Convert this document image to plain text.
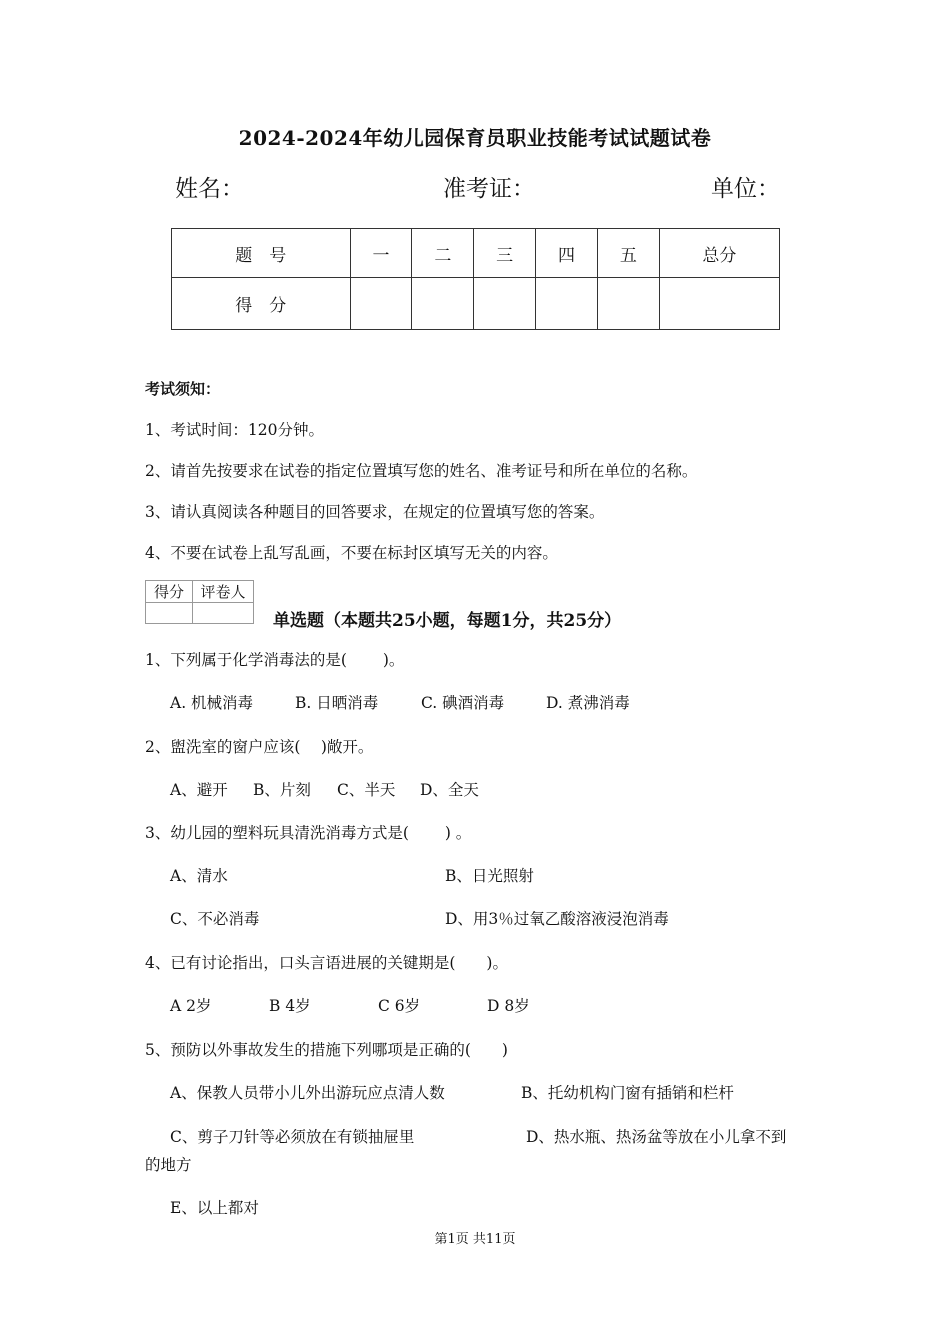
2024-2024年幼儿园保育员职业技能考试试题试卷
姓名：	准考证：	单位：
题　号	一	二	三	四	五	总分
得　分						
考试须知：
1、考试时间：120分钟。
2、请首先按要求在试卷的指定位置填写您的姓名、准考证号和所在单位的名称。
3、请认真阅读各种题目的回答要求，在规定的位置填写您的答案。
4、不要在试卷上乱写乱画，不要在标封区填写无关的内容。
得分	评卷人

单选题（本题共25小题，每题1分，共25分）
1、下列属于化学消毒法的是(　　 )。
A. 机械消毒	B. 日晒消毒	C. 碘酒消毒	D. 煮沸消毒
2、盥洗室的窗户应该(　 )敞开。
A、避开 B、片刻 C、半天 D、全天
3、幼儿园的塑料玩具清洗消毒方式是(　　 ) 。
A、清水	B、日光照射
C、不必消毒	D、用3％过氧乙酸溶液浸泡消毒
4、已有讨论指出，口头言语进展的关键期是(　　)。
A 2岁	B 4岁	C 6岁	D 8岁
5、预防以外事故发生的措施下列哪项是正确的(　　)
A、保教人员带小儿外出游玩应点清人数	B、托幼机构门窗有插销和栏杆
C、剪子刀针等必须放在有锁抽屉里	D、热水瓶、热汤盆等放在小儿拿不到
的地方
E、以上都对
第1页 共11页
